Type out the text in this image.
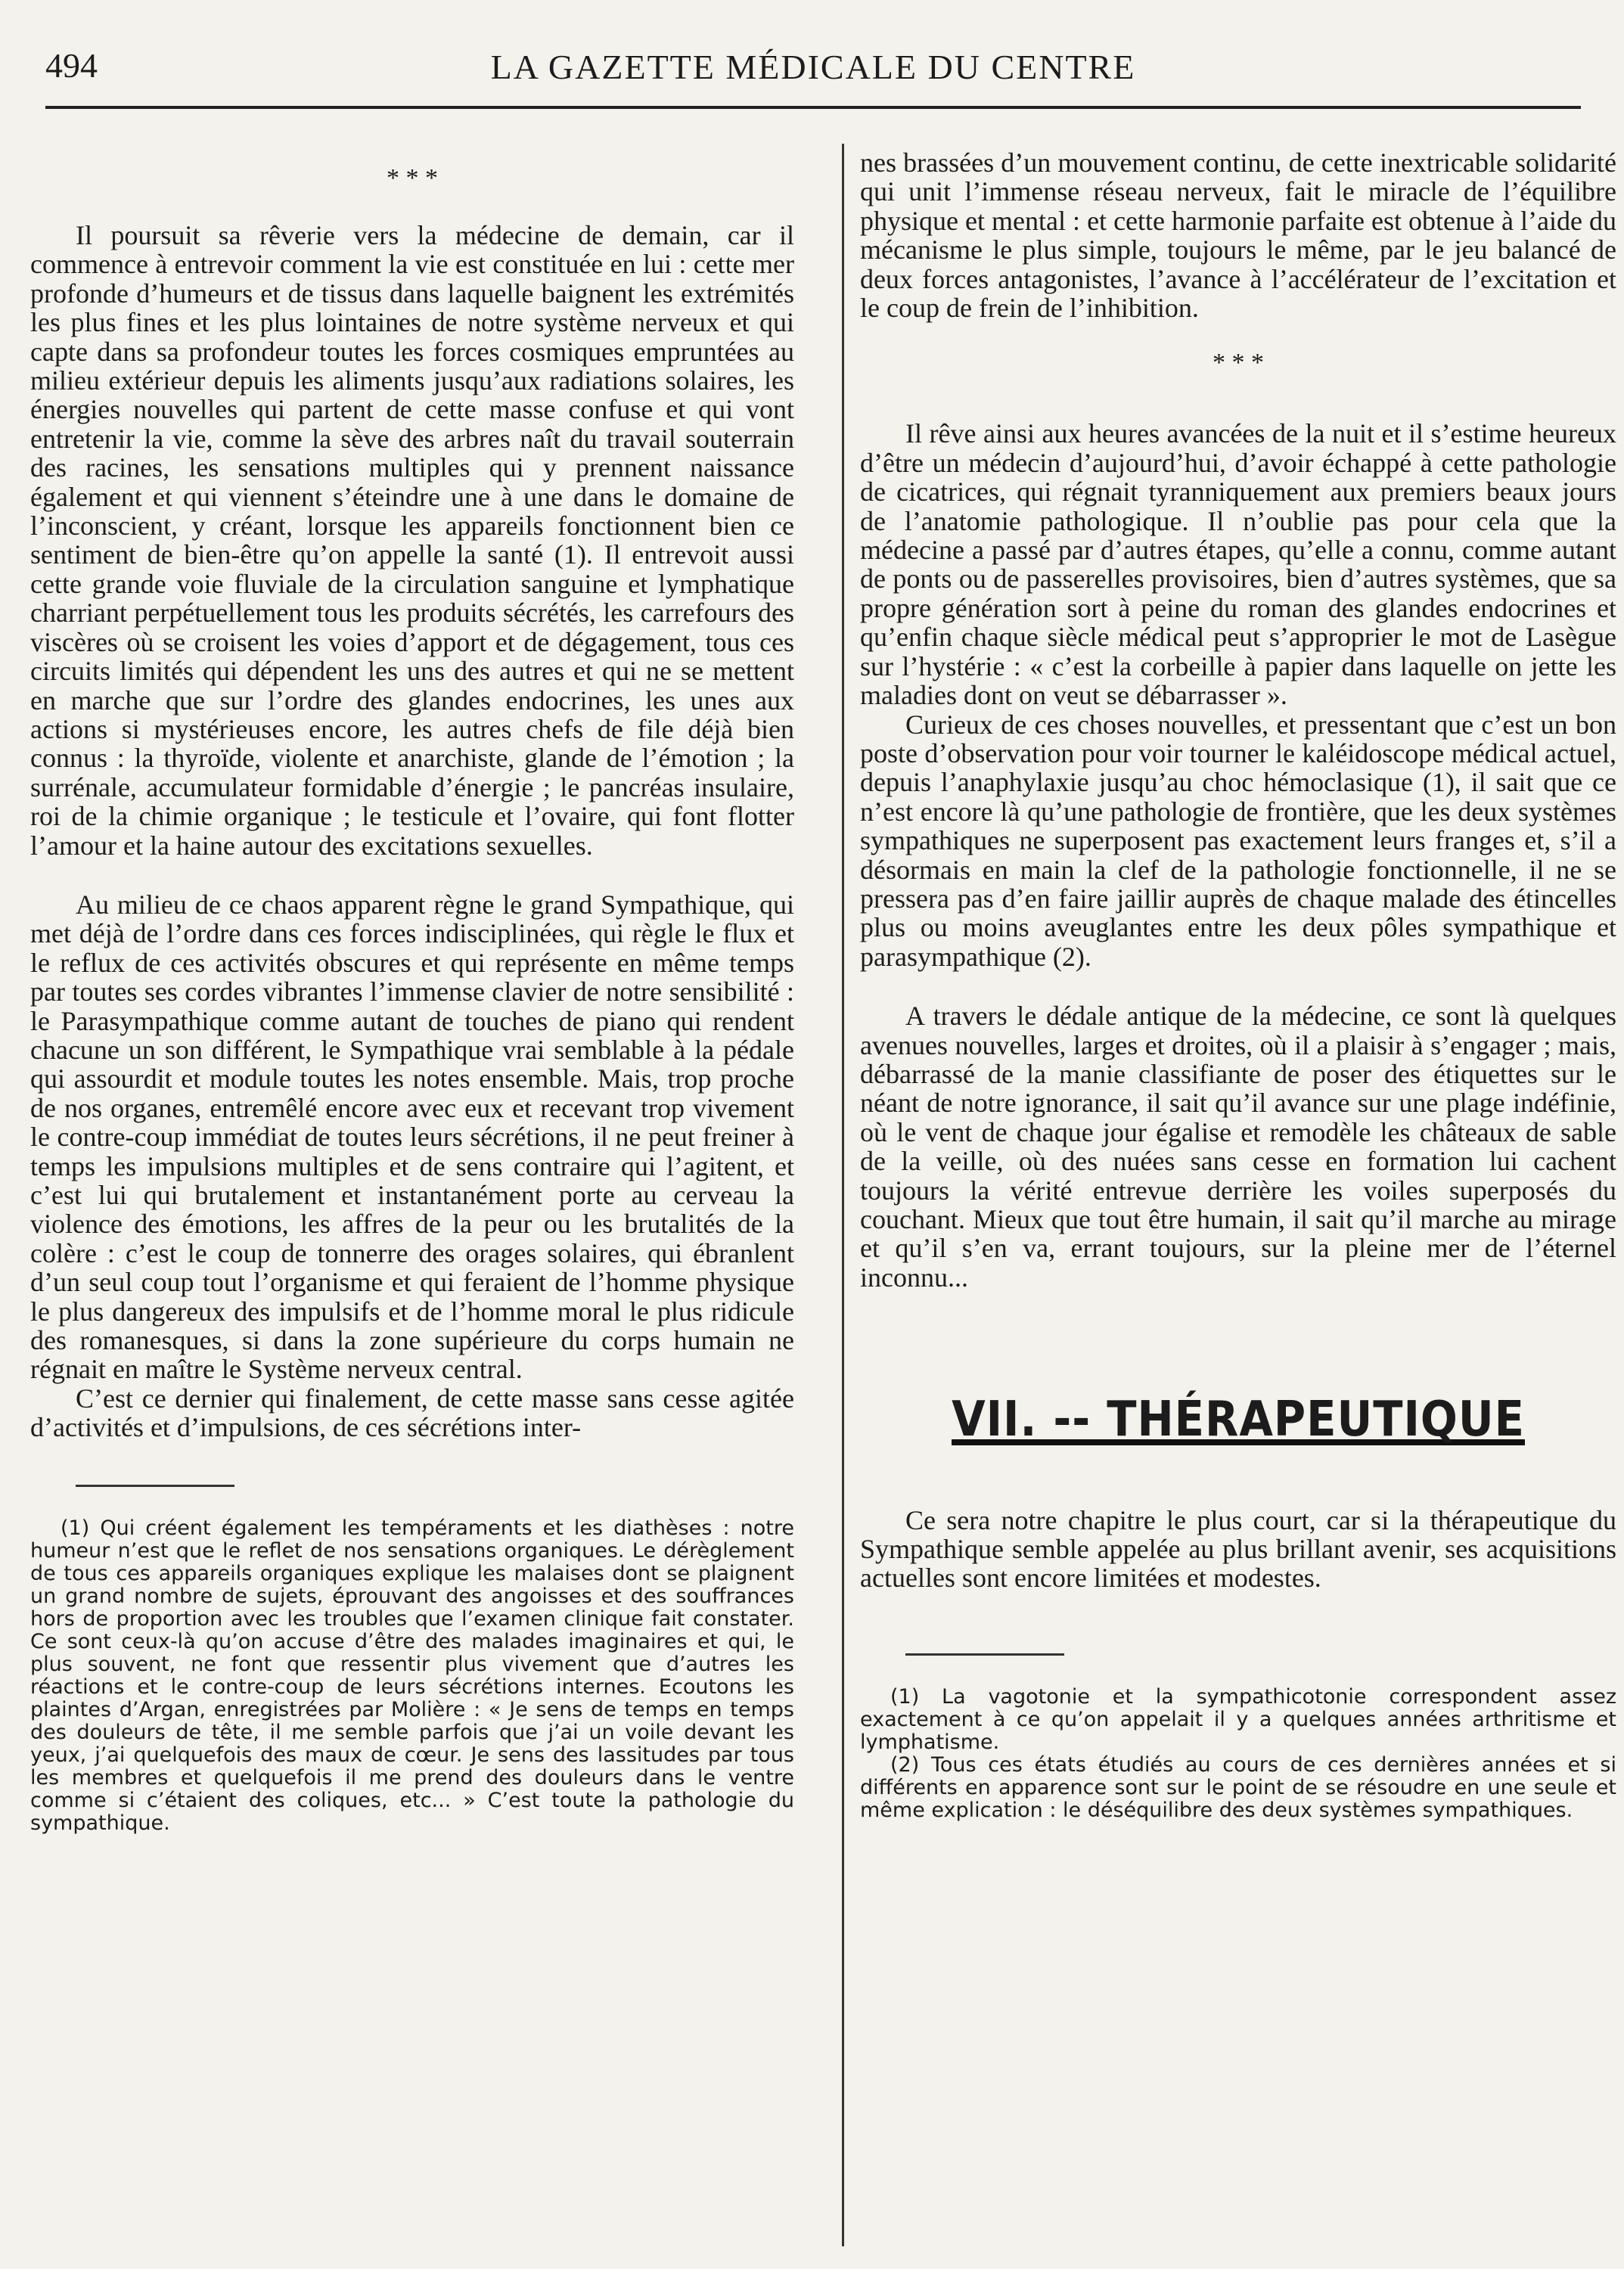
494	LA GAZETTE MÉDICALE DU CENTRE
* * *

Il poursuit sa rêverie vers la médecine de demain, car il commence à entrevoir comment la vie est constituée en lui : cette mer profonde d’humeurs et de tissus dans laquelle baignent les extrémités les plus fines et les plus lointaines de notre système nerveux et qui capte dans sa profondeur toutes les forces cosmiques empruntées au milieu extérieur depuis les aliments jusqu’aux radiations solaires, les énergies nouvelles qui partent de cette masse confuse et qui vont entretenir la vie, comme la sève des arbres naît du travail souterrain des racines, les sensations multiples qui y prennent naissance également et qui viennent s’éteindre une à une dans le domaine de l’inconscient, y créant, lorsque les appareils fonctionnent bien ce sentiment de bien-être qu’on appelle la santé (1). Il entrevoit aussi cette grande voie fluviale de la circulation sanguine et lymphatique charriant perpétuellement tous les produits sécrétés, les carrefours des viscères où se croisent les voies d’apport et de dégagement, tous ces circuits limités qui dépendent les uns des autres et qui ne se mettent en marche que sur l’ordre des glandes endocrines, les unes aux actions si mystérieuses encore, les autres chefs de file déjà bien connus : la thyroïde, violente et anarchiste, glande de l’émotion ; la surrénale, accumulateur formidable d’énergie ; le pancréas insulaire, roi de la chimie organique ; le testicule et l’ovaire, qui font flotter l’amour et la haine autour des excitations sexuelles.

Au milieu de ce chaos apparent règne le grand Sympathique, qui met déjà de l’ordre dans ces forces indisciplinées, qui règle le flux et le reflux de ces activités obscures et qui représente en même temps par toutes ses cordes vibrantes l’immense clavier de notre sensibilité : le Parasympathique comme autant de touches de piano qui rendent chacune un son différent, le Sympathique vrai semblable à la pédale qui assourdit et module toutes les notes ensemble. Mais, trop proche de nos organes, entremêlé encore avec eux et recevant trop vivement le contre-coup immédiat de toutes leurs sécrétions, il ne peut freiner à temps les impulsions multiples et de sens contraire qui l’agitent, et c’est lui qui brutalement et instantanément porte au cerveau la violence des émotions, les affres de la peur ou les brutalités de la colère : c’est le coup de tonnerre des orages solaires, qui ébranlent d’un seul coup tout l’organisme et qui feraient de l’homme physique le plus dangereux des impulsifs et de l’homme moral le plus ridicule des romanesques, si dans la zone supérieure du corps humain ne régnait en maître le Système nerveux central.

C’est ce dernier qui finalement, de cette masse sans cesse agitée d’activités et d’impulsions, de ces sécrétions inter-

(1) Qui créent également les tempéraments et les diathèses : notre humeur n’est que le reflet de nos sensations organiques. Le dérèglement de tous ces appareils organiques explique les malaises dont se plaignent un grand nombre de sujets, éprouvant des angoisses et des souffrances hors de proportion avec les troubles que l’examen clinique fait constater. Ce sont ceux-là qu’on accuse d’être des malades imaginaires et qui, le plus souvent, ne font que ressentir plus vivement que d’autres les réactions et le contre-coup de leurs sécrétions internes. Ecoutons les plaintes d’Argan, enregistrées par Molière : « Je sens de temps en temps des douleurs de tête, il me semble parfois que j’ai un voile devant les yeux, j’ai quelquefois des maux de cœur. Je sens des lassitudes par tous les membres et quelquefois il me prend des douleurs dans le ventre comme si c’étaient des coliques, etc... » C’est toute la pathologie du sympathique.

nes brassées d’un mouvement continu, de cette inextricable solidarité qui unit l’immense réseau nerveux, fait le miracle de l’équilibre physique et mental : et cette harmonie parfaite est obtenue à l’aide du mécanisme le plus simple, toujours le même, par le jeu balancé de deux forces antagonistes, l’avance à l’accélérateur de l’excitation et le coup de frein de l’inhibition.

* * *

Il rêve ainsi aux heures avancées de la nuit et il s’estime heureux d’être un médecin d’aujourd’hui, d’avoir échappé à cette pathologie de cicatrices, qui régnait tyranniquement aux premiers beaux jours de l’anatomie pathologique. Il n’oublie pas pour cela que la médecine a passé par d’autres étapes, qu’elle a connu, comme autant de ponts ou de passerelles provisoires, bien d’autres systèmes, que sa propre génération sort à peine du roman des glandes endocrines et qu’enfin chaque siècle médical peut s’approprier le mot de Lasègue sur l’hystérie : « c’est la corbeille à papier dans laquelle on jette les maladies dont on veut se débarrasser ».

Curieux de ces choses nouvelles, et pressentant que c’est un bon poste d’observation pour voir tourner le kaléidoscope médical actuel, depuis l’anaphylaxie jusqu’au choc hémoclasique (1), il sait que ce n’est encore là qu’une pathologie de frontière, que les deux systèmes sympathiques ne superposent pas exactement leurs franges et, s’il a désormais en main la clef de la pathologie fonctionnelle, il ne se pressera pas d’en faire jaillir auprès de chaque malade des étincelles plus ou moins aveuglantes entre les deux pôles sympathique et parasympathique (2).

A travers le dédale antique de la médecine, ce sont là quelques avenues nouvelles, larges et droites, où il a plaisir à s’engager ; mais, débarrassé de la manie classifiante de poser des étiquettes sur le néant de notre ignorance, il sait qu’il avance sur une plage indéfinie, où le vent de chaque jour égalise et remodèle les châteaux de sable de la veille, où des nuées sans cesse en formation lui cachent toujours la vérité entrevue derrière les voiles superposés du couchant. Mieux que tout être humain, il sait qu’il marche au mirage et qu’il s’en va, errant toujours, sur la pleine mer de l’éternel inconnu...

VII. -- THÉRAPEUTIQUE

Ce sera notre chapitre le plus court, car si la thérapeutique du Sympathique semble appelée au plus brillant avenir, ses acquisitions actuelles sont encore limitées et modestes.

(1) La vagotonie et la sympathicotonie correspondent assez exactement à ce qu’on appelait il y a quelques années arthritisme et lymphatisme.

(2) Tous ces états étudiés au cours de ces dernières années et si différents en apparence sont sur le point de se résoudre en une seule et même explication : le déséquilibre des deux systèmes sympathiques.
